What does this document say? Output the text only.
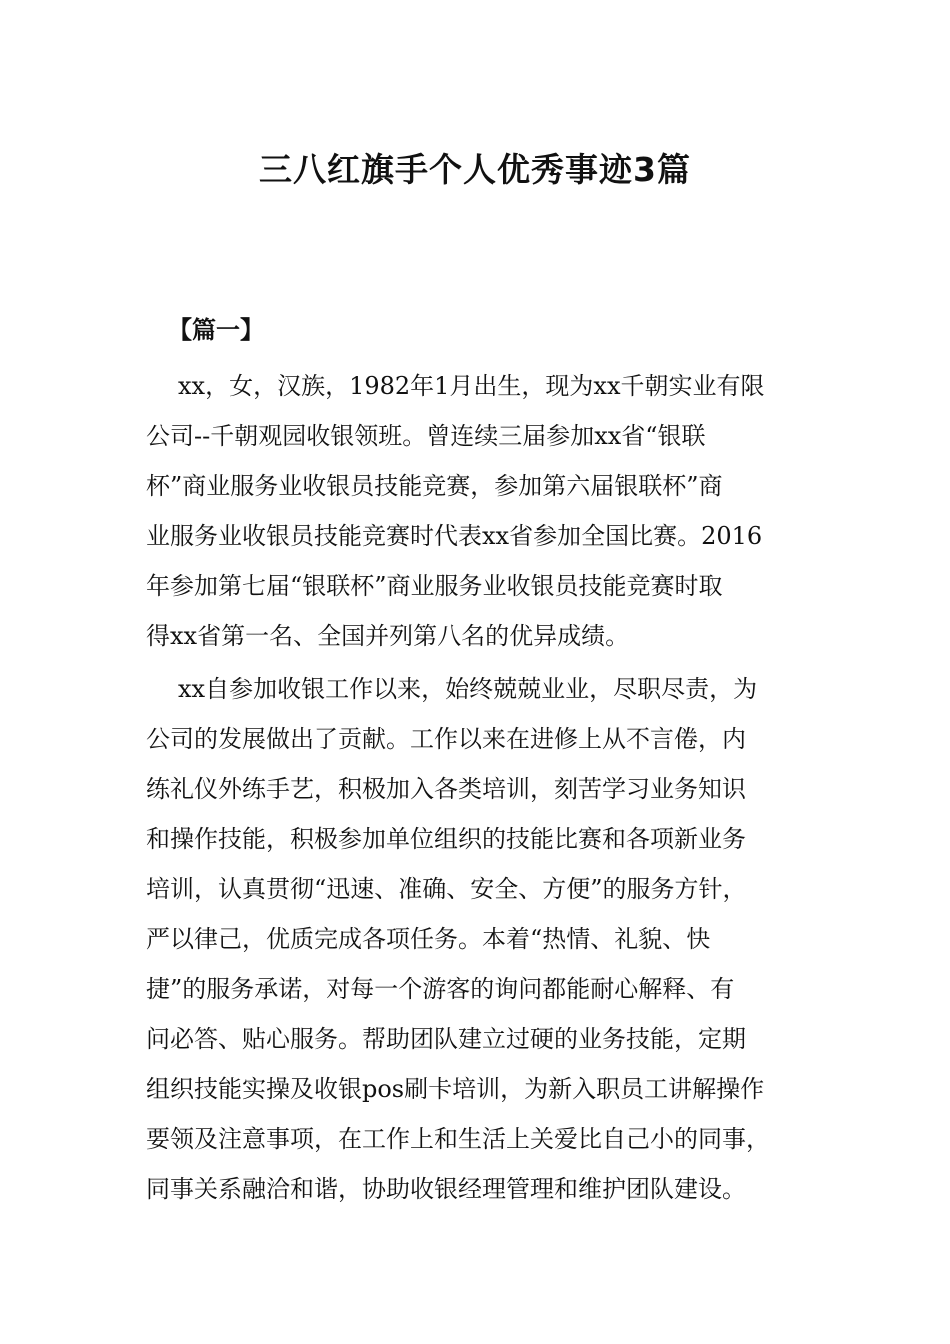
三八红旗手个人优秀事迹3篇
【篇一】
xx，女，汉族，1982年1月出生，现为xx千朝实业有限
公司--千朝观园收银领班。曾连续三届参加xx省“银联
杯”商业服务业收银员技能竞赛，参加第六届银联杯”商
业服务业收银员技能竞赛时代表xx省参加全国比赛。2016
年参加第七届“银联杯”商业服务业收银员技能竞赛时取
得xx省第一名、全国并列第八名的优异成绩。
xx自参加收银工作以来，始终兢兢业业，尽职尽责，为
公司的发展做出了贡献。工作以来在进修上从不言倦，内
练礼仪外练手艺，积极加入各类培训，刻苦学习业务知识
和操作技能，积极参加单位组织的技能比赛和各项新业务
培训，认真贯彻“迅速、准确、安全、方便”的服务方针，
严以律己，优质完成各项任务。本着“热情、礼貌、快
捷”的服务承诺，对每一个游客的询问都能耐心解释、有
问必答、贴心服务。帮助团队建立过硬的业务技能，定期
组织技能实操及收银pos刷卡培训，为新入职员工讲解操作
要领及注意事项，在工作上和生活上关爱比自己小的同事，
同事关系融洽和谐，协助收银经理管理和维护团队建设。
